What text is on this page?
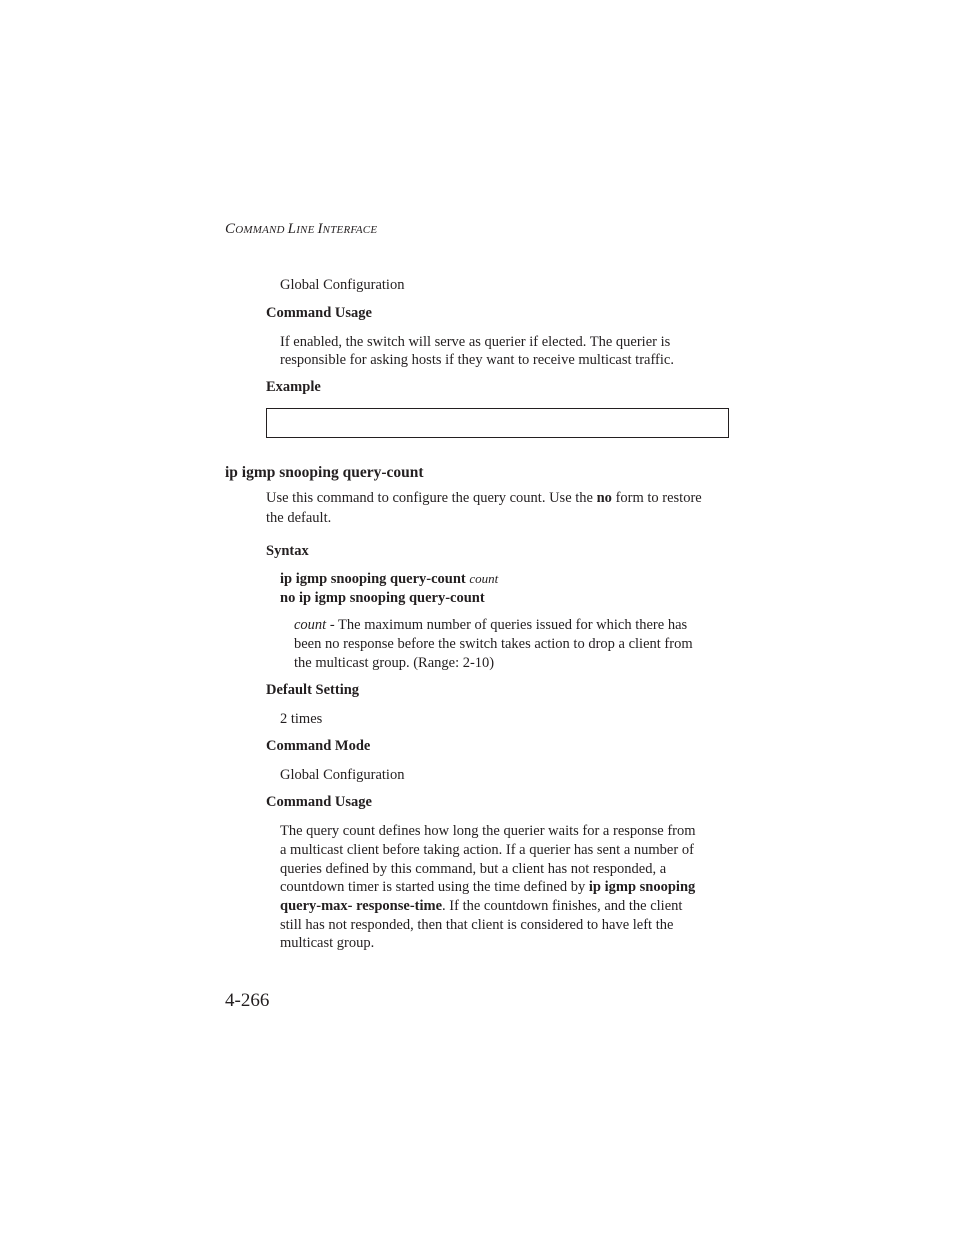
COMMAND LINE INTERFACE
Global Configuration
Command Usage
If enabled, the switch will serve as querier if elected. The querier is
responsible for asking hosts if they want to receive multicast traffic.
Example
ip igmp snooping query-count
Use this command to configure the query count. Use the no form to restore
the default.
Syntax
ip igmp snooping query-count count
no ip igmp snooping query-count
count - The maximum number of queries issued for which there has
been no response before the switch takes action to drop a client from
the multicast group. (Range: 2-10)
Default Setting
2 times
Command Mode
Global Configuration
Command Usage
The query count defines how long the querier waits for a response from
a multicast client before taking action. If a querier has sent a number of
queries defined by this command, but a client has not responded, a
countdown timer is started using the time defined by ip igmp snooping
query-max- response-time. If the countdown finishes, and the client
still has not responded, then that client is considered to have left the
multicast group.
4-266
